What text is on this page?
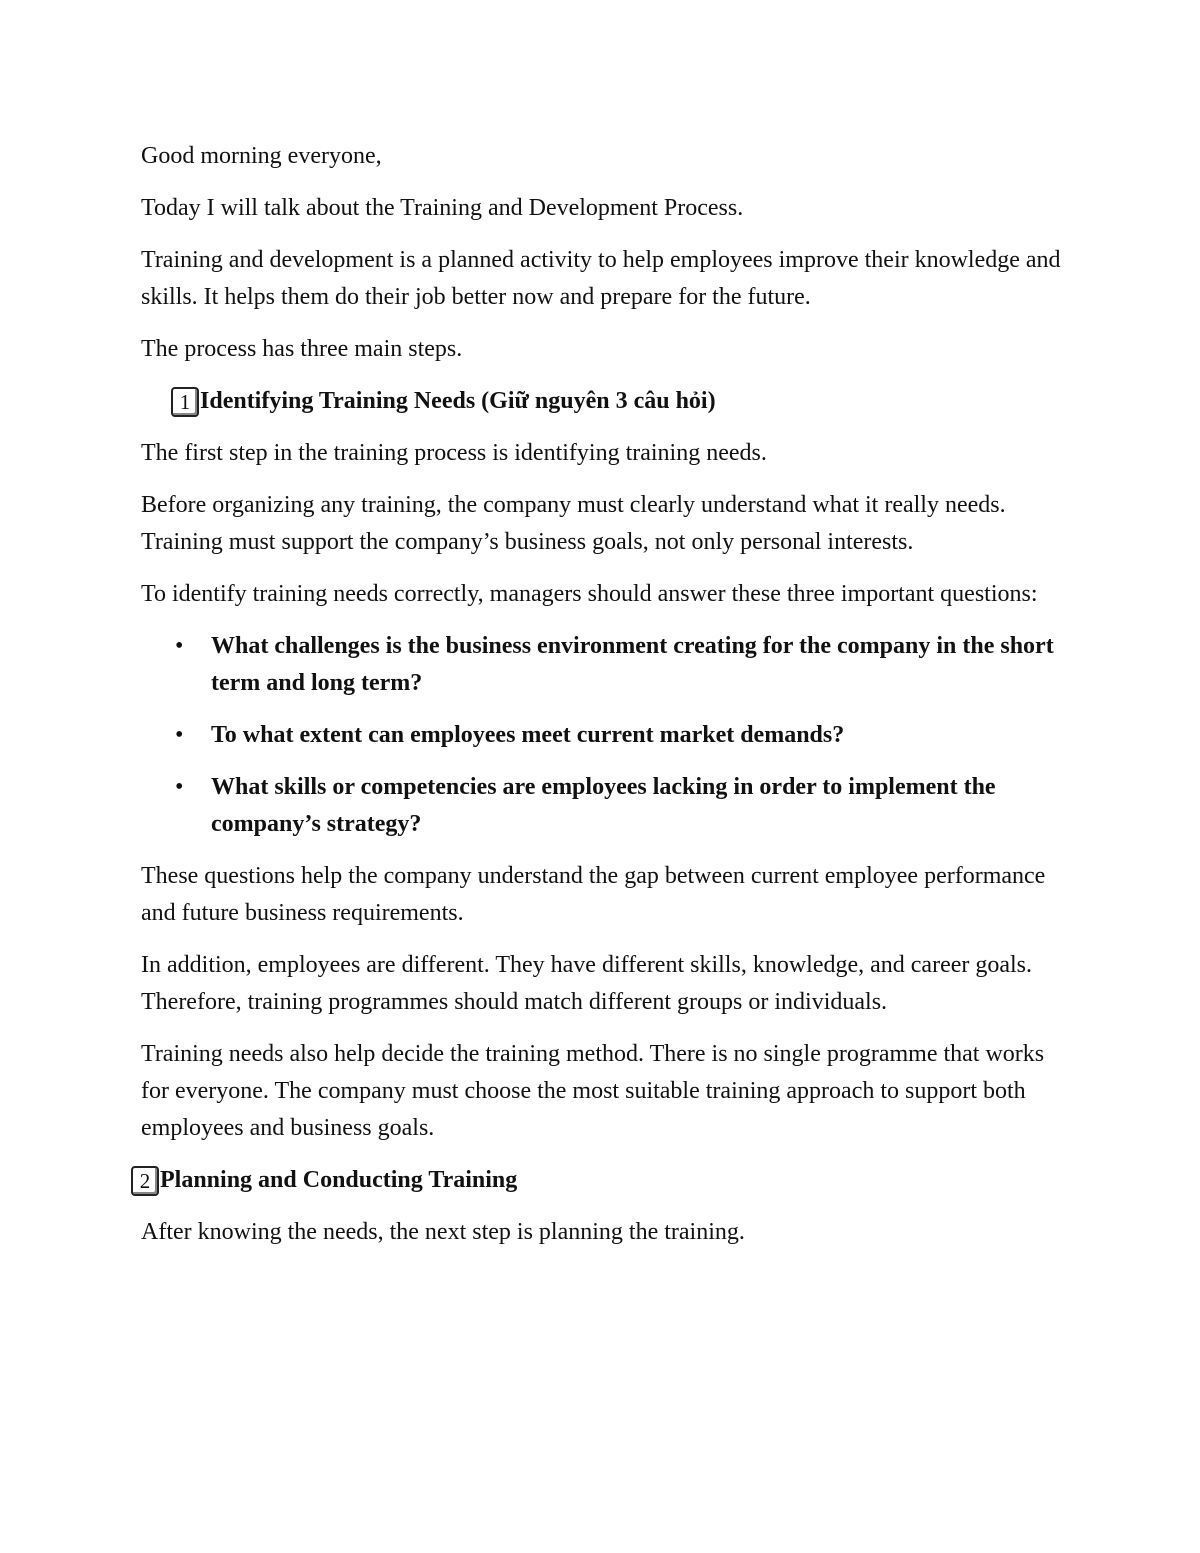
Good morning everyone,

Today I will talk about the Training and Development Process.

Training and development is a planned activity to help employees improve their knowledge and skills. It helps them do their job better now and prepare for the future.

The process has three main steps.

1 Identifying Training Needs (Giữ nguyên 3 câu hỏi)

The first step in the training process is identifying training needs.

Before organizing any training, the company must clearly understand what it really needs. Training must support the company’s business goals, not only personal interests.

To identify training needs correctly, managers should answer these three important questions:

• What challenges is the business environment creating for the company in the short term and long term?
• To what extent can employees meet current market demands?
• What skills or competencies are employees lacking in order to implement the company’s strategy?

These questions help the company understand the gap between current employee performance and future business requirements.

In addition, employees are different. They have different skills, knowledge, and career goals. Therefore, training programmes should match different groups or individuals.

Training needs also help decide the training method. There is no single programme that works for everyone. The company must choose the most suitable training approach to support both employees and business goals.

2 Planning and Conducting Training

After knowing the needs, the next step is planning the training.
